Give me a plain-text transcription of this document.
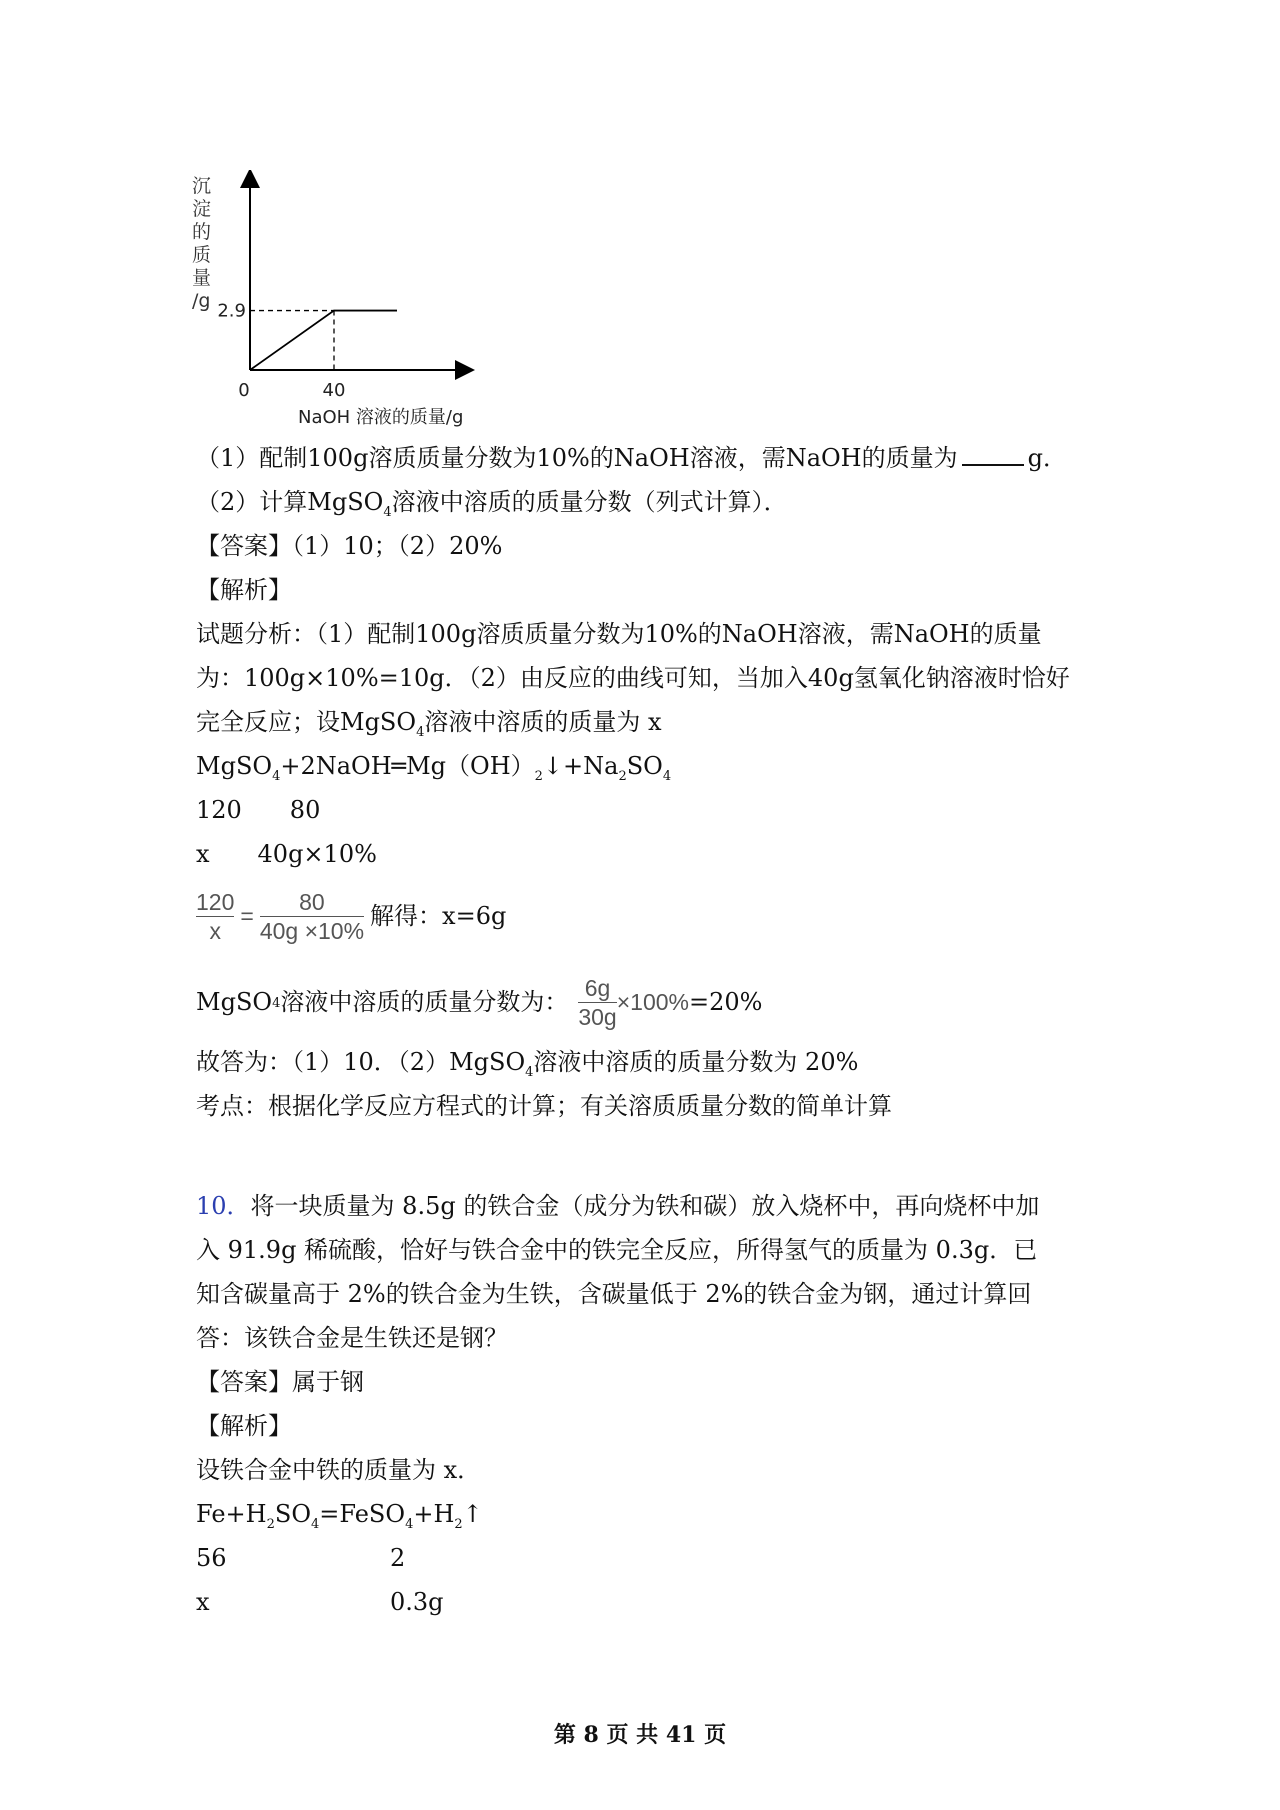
沉
淀
的
质
量
/g
0	40
2.9
NaOH 溶液的质量/g
（1）配制100g溶质质量分数为10%的NaOH溶液，需NaOH的质量为	g．
（2）计算MgSO$_4$溶液中溶质的质量分数（列式计算）．
【答案】（1）10；（2）20%
【解析】
试题分析：（1）配制100g溶质质量分数为10%的NaOH溶液，需NaOH的质量
为：100g×10%=10g．（2）由反应的曲线可知，当加入40g氢氧化钠溶液时恰好
完全反应；设MgSO$_4$溶液中溶质的质量为 x
$MgSO_4+2NaOH═Mg(OH)_2↓+Na_2SO_4$
120　　80
x　　40g×10%
$\frac{120}{x} = \frac{80}{40g \times 10\%}$ 解得：x=6g
MgSO 4 溶液中溶质的质量分数为： $\frac{6g}{30g} \times 100\% =20\%$
故答为：（1）10．（2）MgSO$_4$溶液中溶质的质量分数为 20%
考点：根据化学反应方程式的计算；有关溶质质量分数的简单计算
10．将一块质量为 8.5g 的铁合金（成分为铁和碳）放入烧杯中，再向烧杯中加
入 91.9g 稀硫酸，恰好与铁合金中的铁完全反应，所得氢气的质量为 0.3g．已
知含碳量高于 2%的铁合金为生铁，含碳量低于 2%的铁合金为钢，通过计算回
答：该铁合金是生铁还是钢？
【答案】属于钢
【解析】
设铁合金中铁的质量为 x．
$Fe+H_2SO_4=FeSO_4+H_2↑$
56	2
x	0.3g
第 8 页 共 41 页
